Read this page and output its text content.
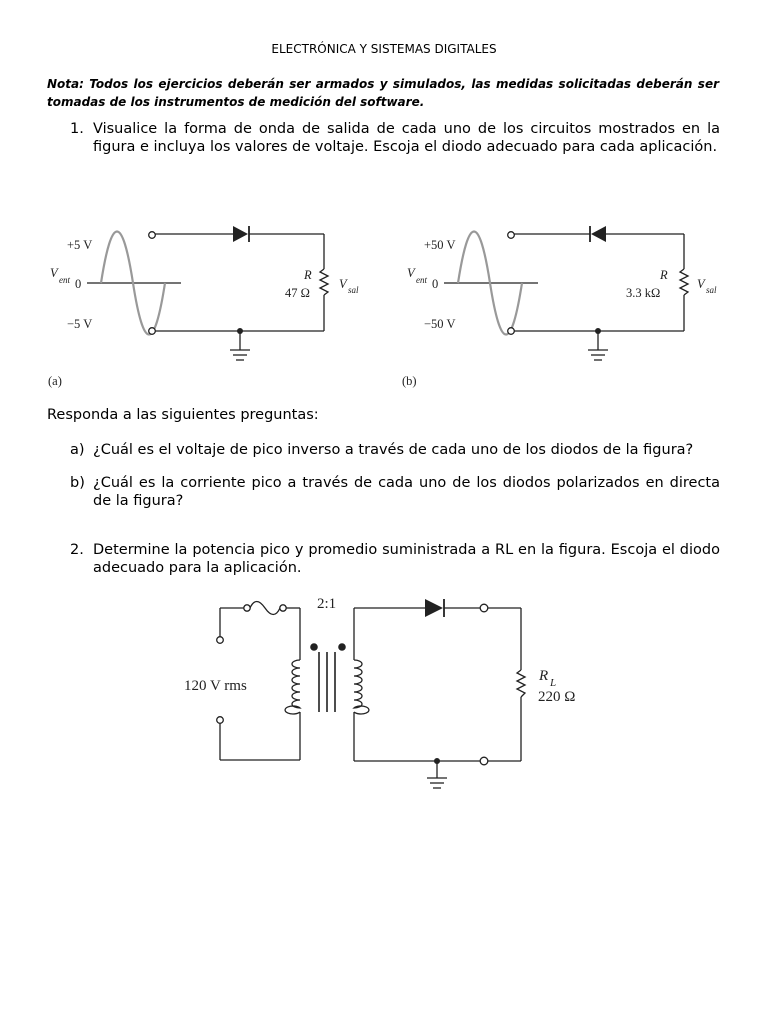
ELECTRÓNICA Y SISTEMAS DIGITALES
Nota: Todos los ejercicios deberán ser armados y simulados, las medidas solicitadas deberán ser tomadas de los instrumentos de medición del software.
1. Visualice la forma de onda de salida de cada uno de los circuitos mostrados en la figura e incluya los valores de voltaje. Escoja el diodo adecuado para cada aplicación.
+5 V
−5 V
V ent 0
R
47 Ω
V sal
(a)
+50 V
−50 V
V ent 0
R
3.3 kΩ
V sal
(b)
Responda a las siguientes preguntas:
a) ¿Cuál es el voltaje de pico inverso a través de cada uno de los diodos de la figura?
b) ¿Cuál es la corriente pico a través de cada uno de los diodos polarizados en directa de la figura?
2. Determine la potencia pico y promedio suministrada a RL en la figura. Escoja el diodo adecuado para la aplicación.
2:1
120 V rms
R L
220 Ω
